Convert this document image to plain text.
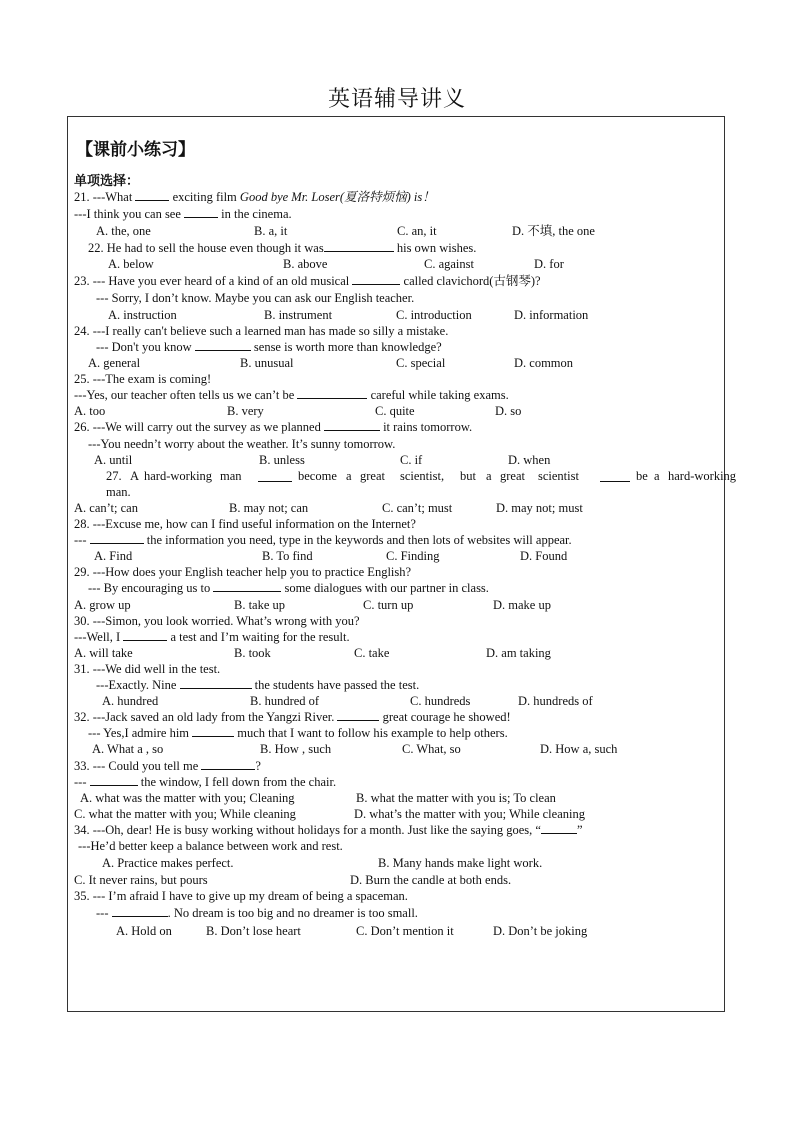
英语辅导讲义
【课前小练习】
单项选择：
21. ---What	exciting film Good bye Mr. Loser(夏洛特烦恼) is！
---I think you can see	in the cinema.
A. the, one	B. a, it	C. an, it	D. 不填, the one
22. He had to sell the house even though it was	his own wishes.
A. below	B. above	C. against	D. for
23. --- Have you ever heard of a kind of an old musical	called clavichord(古钢琴)?
--- Sorry, I don’t know. Maybe you can ask our English teacher.
A. instruction	B. instrument	C. introduction	D. information
24. ---I really can't believe such a learned man has made so silly a mistake.
--- Don't you know	sense is worth more than knowledge?
A. general	B. unusual	C. special	D. common
25. ---The exam is coming!
---Yes, our teacher often tells us we can’t be	careful while taking exams.
A. too	B. very	C. quite	D. so
26. ---We will carry out the survey as we planned	it rains tomorrow.
---You needn’t worry about the weather. It’s sunny tomorrow.
A. until	B. unless	C. if	D. when
27. A hard-working man	become a great scientist, but a great scientist	be a hard-working
man.
A. can’t; can	B. may not; can	C. can’t; must	D. may not; must
28. ---Excuse me, how can I find useful information on the Internet?
---	the information you need, type in the keywords and then lots of websites will appear.
A. Find	B. To find	C. Finding	D. Found
29. ---How does your English teacher help you to practice English?
--- By encouraging us to	some dialogues with our partner in class.
A. grow up	B. take up	C. turn up	D. make up
30. ---Simon, you look worried. What’s wrong with you?
---Well, I	a test and I’m waiting for the result.
A. will take	B. took	C. take	D. am taking
31. ---We did well in the test.
---Exactly. Nine	the students have passed the test.
A. hundred	B. hundred of	C. hundreds	D. hundreds of
32. ---Jack saved an old lady from the Yangzi River.	great courage he showed!
--- Yes,I admire him	much that I want to follow his example to help others.
A. What a , so	B. How , such	C. What, so	D. How a, such
33. --- Could you tell me	?
---	the window, I fell down from the chair.
A. what was the matter with you; Cleaning	B. what the matter with you is; To clean
C. what the matter with you; While cleaning	D. what’s the matter with you; While cleaning
34. ---Oh, dear! He is busy working without holidays for a month. Just like the saying goes, “	”
---He’d better keep a balance between work and rest.
A. Practice makes perfect.	B. Many hands make light work.
C. It never rains, but pours	D. Burn the candle at both ends.
35. --- I’m afraid I have to give up my dream of being a spaceman.
---	. No dream is too big and no dreamer is too small.
A. Hold on	B. Don’t lose heart	C. Don’t mention it	D. Don’t be joking
